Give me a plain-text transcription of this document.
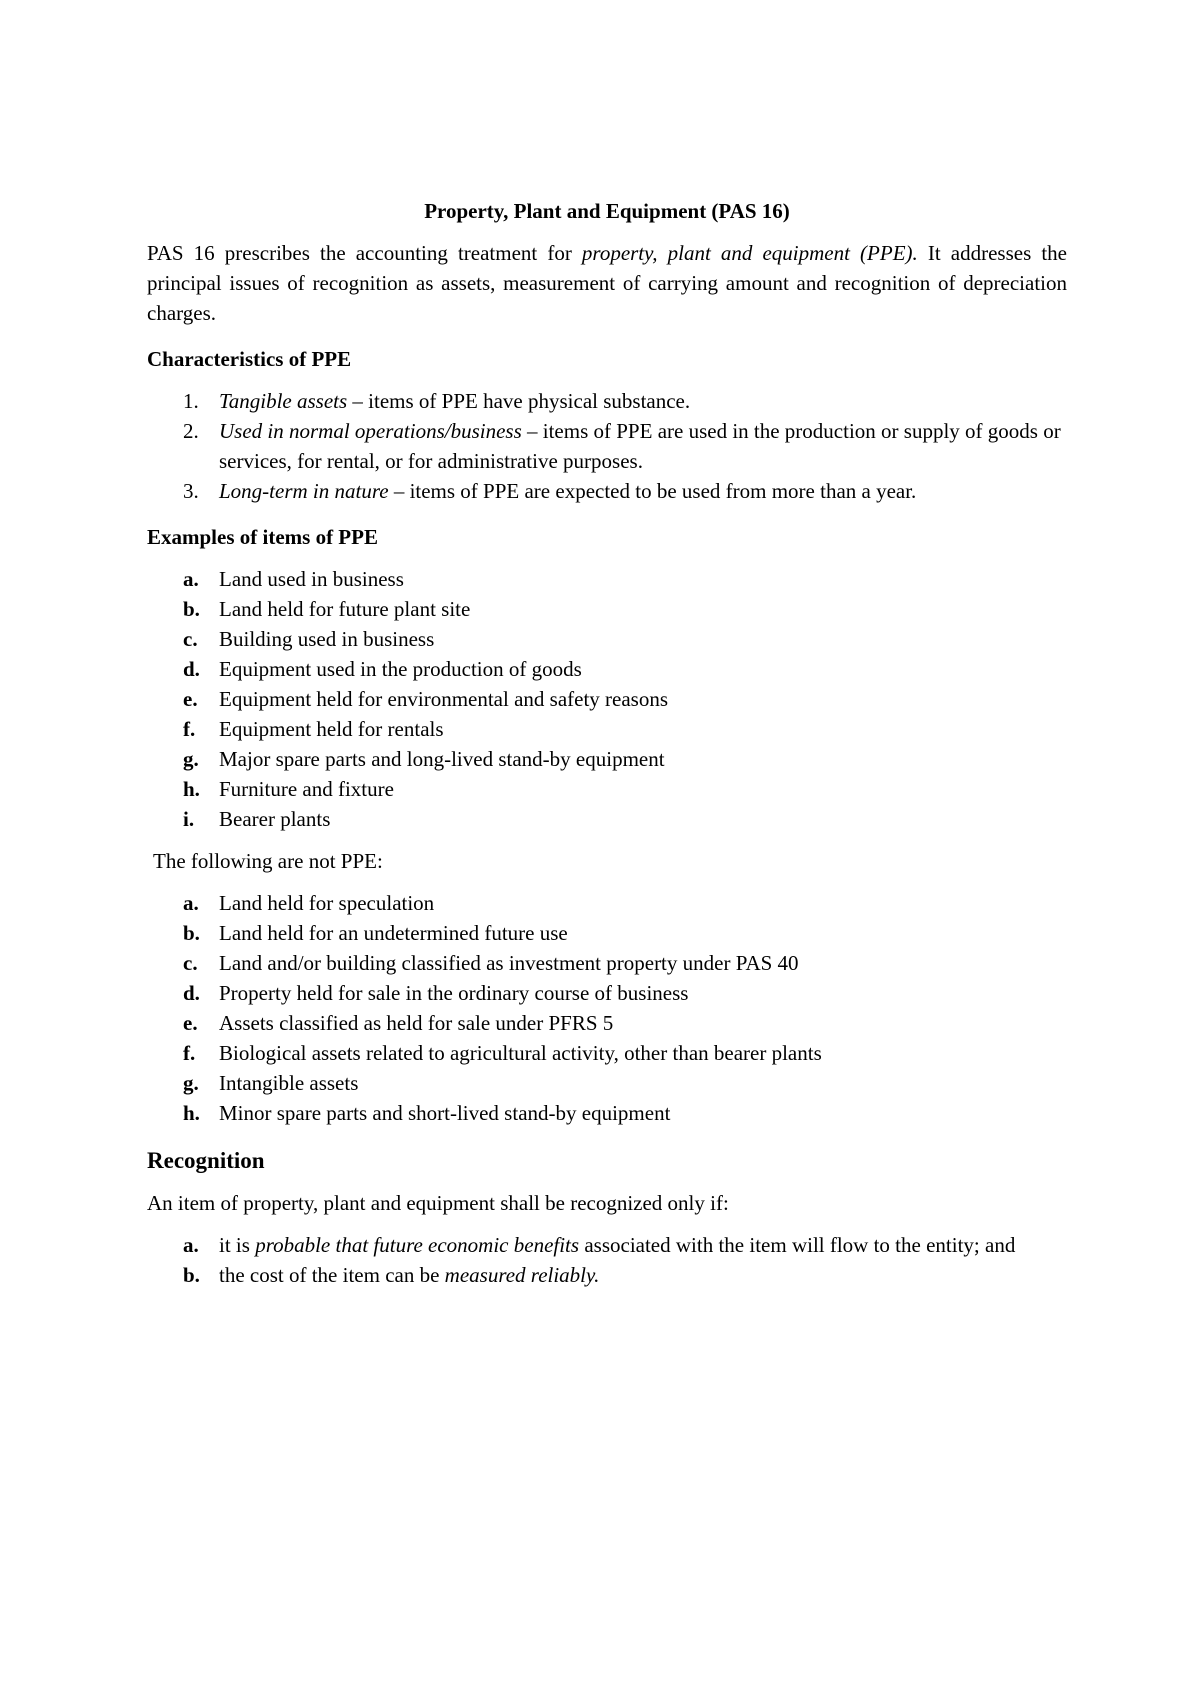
Property, Plant and Equipment (PAS 16)

PAS 16 prescribes the accounting treatment for property, plant and equipment (PPE). It addresses the principal issues of recognition as assets, measurement of carrying amount and recognition of depreciation charges.

Characteristics of PPE
1. Tangible assets – items of PPE have physical substance.
2. Used in normal operations/business – items of PPE are used in the production or supply of goods or services, for rental, or for administrative purposes.
3. Long-term in nature – items of PPE are expected to be used from more than a year.
Examples of items of PPE
a. Land used in business
b. Land held for future plant site
c. Building used in business
d. Equipment used in the production of goods
e. Equipment held for environmental and safety reasons
f. Equipment held for rentals
g. Major spare parts and long-lived stand-by equipment
h. Furniture and fixture
i. Bearer plants
The following are not PPE:
a. Land held for speculation
b. Land held for an undetermined future use
c. Land and/or building classified as investment property under PAS 40
d. Property held for sale in the ordinary course of business
e. Assets classified as held for sale under PFRS 5
f. Biological assets related to agricultural activity, other than bearer plants
g. Intangible assets
h. Minor spare parts and short-lived stand-by equipment
Recognition

An item of property, plant and equipment shall be recognized only if:

a. it is probable that future economic benefits associated with the item will flow to the entity; and
b. the cost of the item can be measured reliably.
